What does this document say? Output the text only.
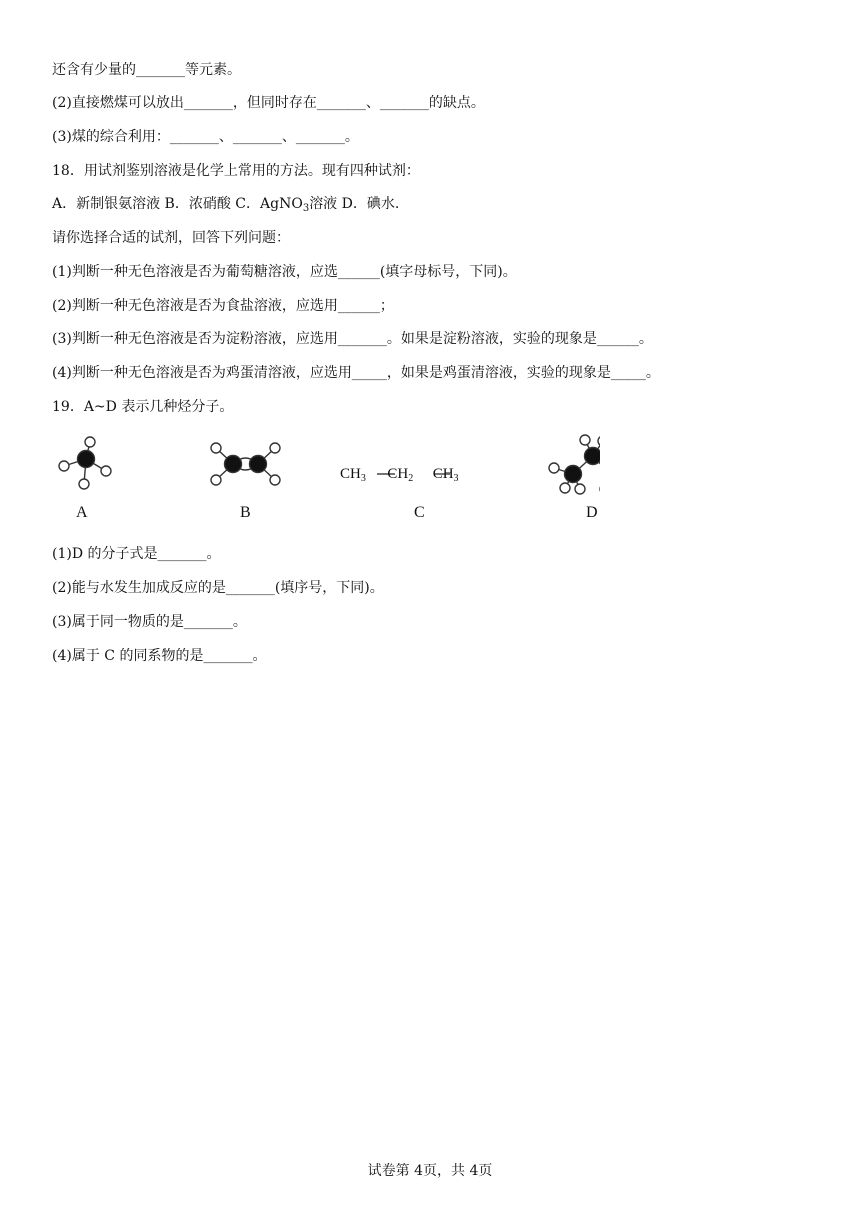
还含有少量的_______等元素。
(2)直接燃煤可以放出_______，但同时存在_______、_______的缺点。
(3)煤的综合利用：_______、_______、_______。
18．用试剂鉴别溶液是化学上常用的方法。现有四种试剂：
A．新制银氨溶液 B．浓硝酸 C．AgNO$_3$溶液 D．碘水.
请你选择合适的试剂，回答下列问题：
(1)判断一种无色溶液是否为葡萄糖溶液，应选______(填字母标号，下同)。
(2)判断一种无色溶液是否为食盐溶液，应选用______；
(3)判断一种无色溶液是否为淀粉溶液，应选用_______。如果是淀粉溶液，实验的现象是______。
(4)判断一种无色溶液是否为鸡蛋清溶液，应选用_____，如果是鸡蛋清溶液，实验的现象是_____。
19．A~D 表示几种烃分子。
$CH_3$ $CH_2$ $CH_3$
A	B	C	D
(1)D 的分子式是_______。
(2)能与水发生加成反应的是_______(填序号，下同)。
(3)属于同一物质的是_______。
(4)属于 C 的同系物的是_______。
试卷第 4页，共 4页
